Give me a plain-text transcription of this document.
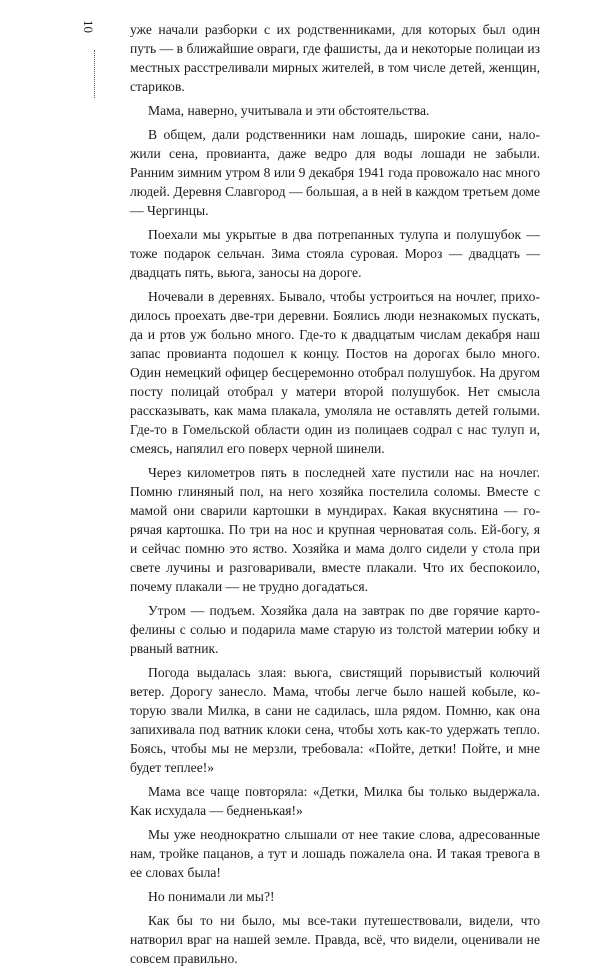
10	уже начали разборки с их родственниками, для которых был один путь — в ближайшие овраги, где фашисты, да и некоторые полицаи из местных расстреливали мирных жителей, в том числе детей, женщин, стариков.

Мама, наверно, учитывала и эти обстоятельства.

В общем, дали родственники нам лошадь, широкие сани, наложили сена, провианта, даже ведро для воды лошади не забыли. Ранним зимним утром 8 или 9 декабря 1941 года провожало нас много людей. Деревня Славгород — большая, а в ней в каждом третьем доме — Чергинцы.

Поехали мы укрытые в два потрепанных тулупа и полушубок — тоже подарок сельчан. Зима стояла суровая. Мороз — двадцать — двадцать пять, вьюга, заносы на дороге.

Ночевали в деревнях. Бывало, чтобы устроиться на ночлег, приходилось проехать две-три деревни. Боялись люди незнакомых пускать, да и ртов уж больно много. Где-то к двадцатым числам декабря наш запас провианта подошел к концу. Постов на дорогах было много. Один немецкий офицер бесцеремонно отобрал полушубок. На другом посту полицай отобрал у матери второй полушубок. Нет смысла рассказывать, как мама плакала, умоляла не оставлять детей голыми. Где-то в Гомельской области один из полицаев содрал с нас тулуп и, смеясь, напялил его поверх черной шинели.

Через километров пять в последней хате пустили нас на ночлег. Помню глиняный пол, на него хозяйка постелила соломы. Вместе с мамой они сварили картошки в мундирах. Какая вкуснятина — горячая картошка. По три на нос и крупная черноватая соль. Ей-богу, я и сейчас помню это яство. Хозяйка и мама долго сидели у стола при свете лучины и разговаривали, вместе плакали. Что их беспокоило, почему плакали — не трудно догадаться.

Утром — подъем. Хозяйка дала на завтрак по две горячие картофелины с солью и подарила маме старую из толстой материи юбку и рваный ватник.

Погода выдалась злая: вьюга, свистящий порывистый колючий ветер. Дорогу занесло. Мама, чтобы легче было нашей кобыле, которую звали Милка, в сани не садилась, шла рядом. Помню, как она запихивала под ватник клоки сена, чтобы хоть как-то удержать тепло. Боясь, чтобы мы не мерзли, требовала: «Пойте, детки! Пойте, и мне будет теплее!»

Мама все чаще повторяла: «Детки, Милка бы только выдержала. Как исхудала — бедненькая!»

Мы уже неоднократно слышали от нее такие слова, адресованные нам, тройке пацанов, а тут и лошадь пожалела она. И такая тревога в ее словах была!

Но понимали ли мы?!

Как бы то ни было, мы все-таки путешествовали, видели, что натворил враг на нашей земле. Правда, всё, что видели, оценивали не совсем правильно.
